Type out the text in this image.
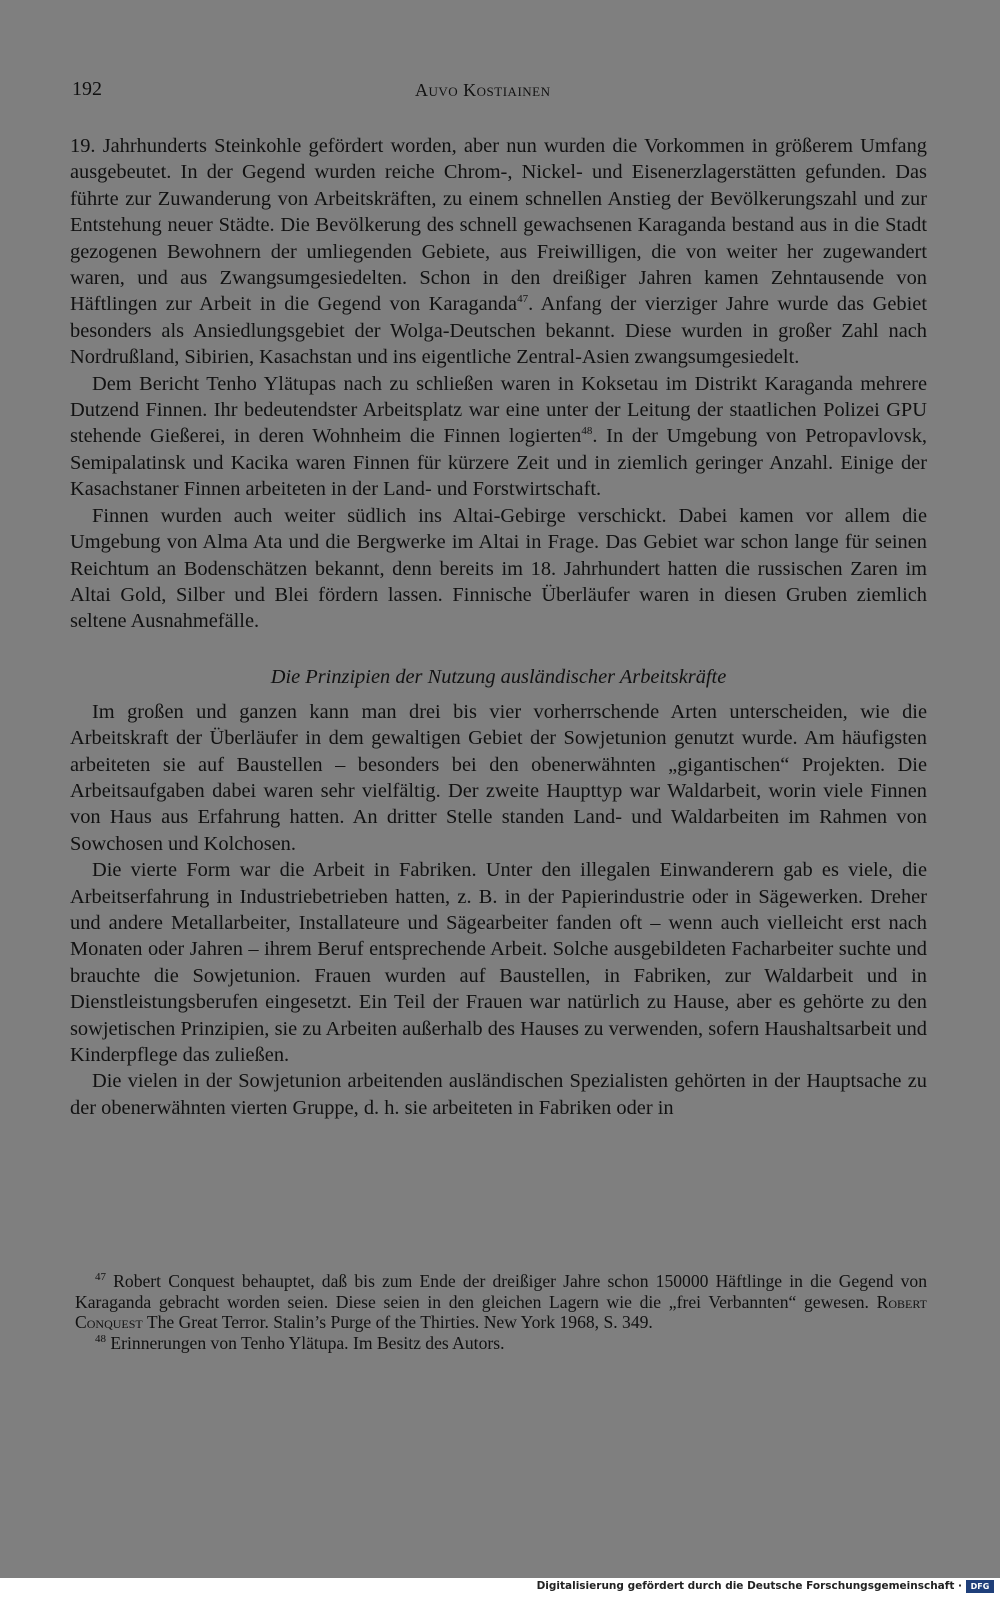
192	Auvo Kostiainen

19. Jahrhunderts Steinkohle gefördert worden, aber nun wurden die Vorkommen in größerem Umfang ausgebeutet. In der Gegend wurden reiche Chrom-, Nickel- und Eisenerzlagerstätten gefunden. Das führte zur Zuwanderung von Arbeitskräften, zu einem schnellen Anstieg der Bevölkerungszahl und zur Entstehung neuer Städte. Die Bevölkerung des schnell gewachsenen Karaganda bestand aus in die Stadt gezogenen Bewohnern der umliegenden Gebiete, aus Freiwilligen, die von weiter her zugewandert waren, und aus Zwangsumgesiedelten. Schon in den dreißiger Jahren kamen Zehntausende von Häftlingen zur Arbeit in die Gegend von Karaganda$^{47}$. Anfang der vierziger Jahre wurde das Gebiet besonders als Ansiedlungsgebiet der Wolga-Deutschen bekannt. Diese wurden in großer Zahl nach Nordrußland, Sibirien, Kasachstan und ins eigentliche Zentral-Asien zwangsumgesiedelt.

Dem Bericht Tenho Ylätupas nach zu schließen waren in Koksetau im Distrikt Karaganda mehrere Dutzend Finnen. Ihr bedeutendster Arbeitsplatz war eine unter der Leitung der staatlichen Polizei GPU stehende Gießerei, in deren Wohnheim die Finnen logierten$^{48}$. In der Umgebung von Petropavlovsk, Semipalatinsk und Kacika waren Finnen für kürzere Zeit und in ziemlich geringer Anzahl. Einige der Kasachstaner Finnen arbeiteten in der Land- und Forstwirtschaft.

Finnen wurden auch weiter südlich ins Altai-Gebirge verschickt. Dabei kamen vor allem die Umgebung von Alma Ata und die Bergwerke im Altai in Frage. Das Gebiet war schon lange für seinen Reichtum an Bodenschätzen bekannt, denn bereits im 18. Jahrhundert hatten die russischen Zaren im Altai Gold, Silber und Blei fördern lassen. Finnische Überläufer waren in diesen Gruben ziemlich seltene Ausnahmefälle.

Die Prinzipien der Nutzung ausländischer Arbeitskräfte

Im großen und ganzen kann man drei bis vier vorherrschende Arten unterscheiden, wie die Arbeitskraft der Überläufer in dem gewaltigen Gebiet der Sowjetunion genutzt wurde. Am häufigsten arbeiteten sie auf Baustellen – besonders bei den obenerwähnten „gigantischen“ Projekten. Die Arbeitsaufgaben dabei waren sehr vielfältig. Der zweite Haupttyp war Waldarbeit, worin viele Finnen von Haus aus Erfahrung hatten. An dritter Stelle standen Land- und Waldarbeiten im Rahmen von Sowchosen und Kolchosen.

Die vierte Form war die Arbeit in Fabriken. Unter den illegalen Einwanderern gab es viele, die Arbeitserfahrung in Industriebetrieben hatten, z. B. in der Papierindustrie oder in Sägewerken. Dreher und andere Metallarbeiter, Installateure und Sägearbeiter fanden oft – wenn auch vielleicht erst nach Monaten oder Jahren – ihrem Beruf entsprechende Arbeit. Solche ausgebildeten Facharbeiter suchte und brauchte die Sowjetunion. Frauen wurden auf Baustellen, in Fabriken, zur Waldarbeit und in Dienstleistungsberufen eingesetzt. Ein Teil der Frauen war natürlich zu Hause, aber es gehörte zu den sowjetischen Prinzipien, sie zu Arbeiten außerhalb des Hauses zu verwenden, sofern Haushaltsarbeit und Kinderpflege das zuließen.

Die vielen in der Sowjetunion arbeitenden ausländischen Spezialisten gehörten in der Hauptsache zu der obenerwähnten vierten Gruppe, d. h. sie arbeiteten in Fabriken oder in

$^{47}$ Robert Conquest behauptet, daß bis zum Ende der dreißiger Jahre schon 150000 Häftlinge in die Gegend von Karaganda gebracht worden seien. Diese seien in den gleichen Lagern wie die „frei Verbannten“ gewesen. Robert Conquest The Great Terror. Stalin’s Purge of the Thirties. New York 1968, S. 349.

$^{48}$ Erinnerungen von Tenho Ylätupa. Im Besitz des Autors.

Digitalisierung gefördert durch die Deutsche Forschungsgemeinschaft ·	DFG
